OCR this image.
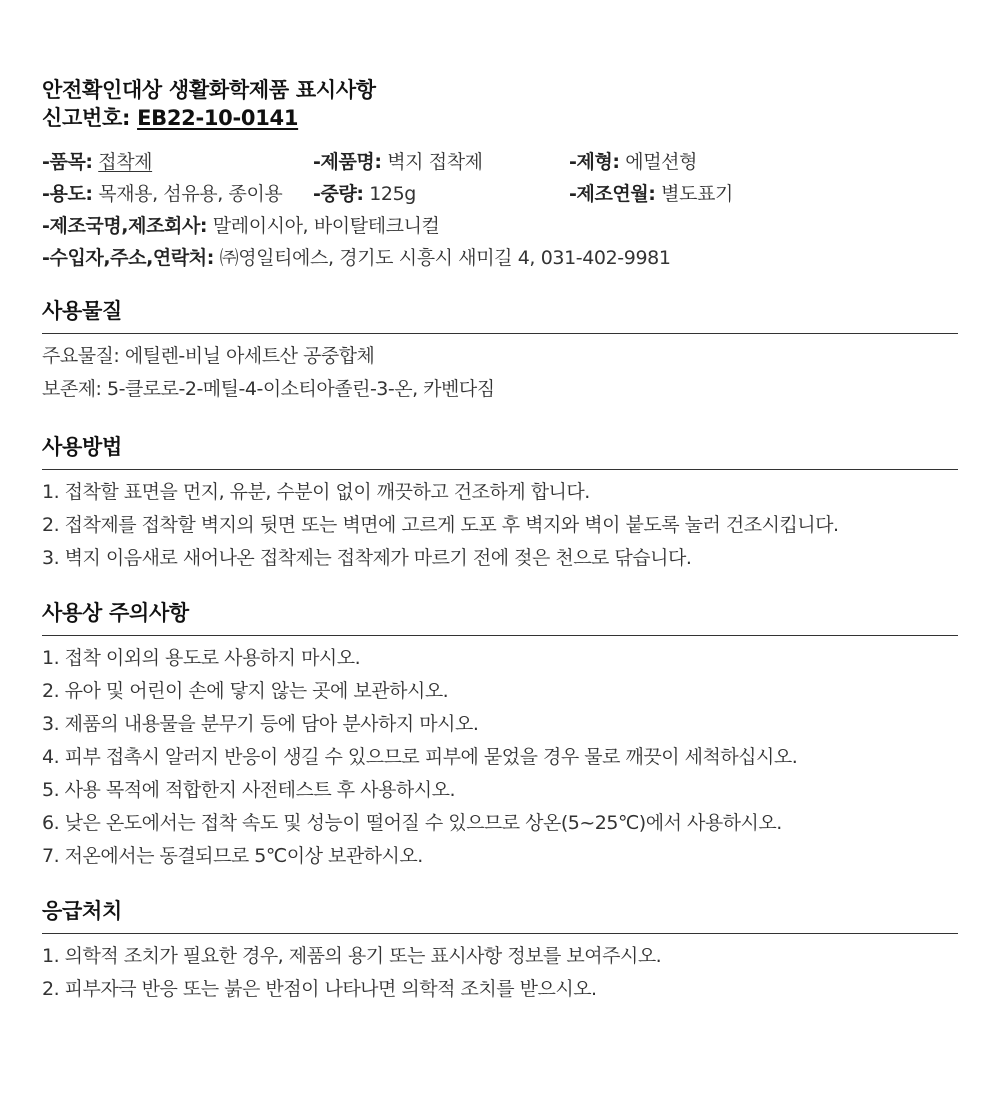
안전확인대상 생활화학제품 표시사항
신고번호: EB22-10-0141
-품목: 접착제	-제품명: 벽지 접착제	-제형: 에멀션형
-용도: 목재용, 섬유용, 종이용	-중량: 125g	-제조연월: 별도표기
-제조국명,제조회사: 말레이시아, 바이탈테크니컬
-수입자,주소,연락처: ㈜영일티에스, 경기도 시흥시 새미길 4, 031-402-9981
사용물질
주요물질: 에틸렌-비닐 아세트산 공중합체
보존제: 5-클로로-2-메틸-4-이소티아졸린-3-온, 카벤다짐
사용방법
1. 접착할 표면을 먼지, 유분, 수분이 없이 깨끗하고 건조하게 합니다.
2. 접착제를 접착할 벽지의 뒷면 또는 벽면에 고르게 도포 후 벽지와 벽이 붙도록 눌러 건조시킵니다.
3. 벽지 이음새로 새어나온 접착제는 접착제가 마르기 전에 젖은 천으로 닦습니다.
사용상 주의사항
1. 접착 이외의 용도로 사용하지 마시오.
2. 유아 및 어린이 손에 닿지 않는 곳에 보관하시오.
3. 제품의 내용물을 분무기 등에 담아 분사하지 마시오.
4. 피부 접촉시 알러지 반응이 생길 수 있으므로 피부에 묻었을 경우 물로 깨끗이 세척하십시오.
5. 사용 목적에 적합한지 사전테스트 후 사용하시오.
6. 낮은 온도에서는 접착 속도 및 성능이 떨어질 수 있으므로 상온(5~25℃)에서 사용하시오.
7. 저온에서는 동결되므로 5℃이상 보관하시오.
응급처치
1. 의학적 조치가 필요한 경우, 제품의 용기 또는 표시사항 정보를 보여주시오.
2. 피부자극 반응 또는 붉은 반점이 나타나면 의학적 조치를 받으시오.
